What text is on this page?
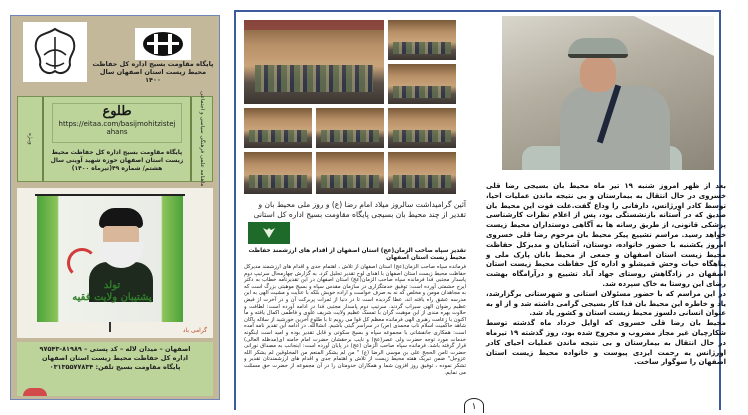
پایگاه مقاومت بسیج اداره کل حفاظت محیط زیست استان اصفهان سال ۱۴۰۰
ویـژه
طلوع
https://eitaa.com/basijmohitzistejahans
پایگاه مقاومت بسیج اداره کل حفاظت محیط زیست استان اصفهان حوزه شهید آوینی سال هشتم/ شماره ۴۹(تیرماه ۱۴۰۰)	ماهنامه علمی فرهنگی سیاسی و اجتماعی
تولد
پشتیبان ولایت فقیه
گرامی باد
اصفهان – میدان لاله – کد پستی – ۸۱۹۸۹-۹۷۵۴۳
اداره کل حفاظت محیط زیست استان اصفهان
پایگاه مقاومت بسیج تلفن: ۰۳۱۳۵۵۷۷۸۳۴
آئین گرامیداشت سالروز میلاد امام رضا (ع) و روز ملی محیط بان و تقدیر از چند محیط بان بسیجی پایگاه مقاومت بسیج اداره کل استانی
تقدیر سپاه صاحب الزمان(عج) استان اصفهان از اقدام های ارزشمند حفاظت محیط زیست استان اصفهان
فرمانده سپاه صاحب الزمان(عج) استان اصفهان از تلاش ، اهتمام جدی و اقدام های ارزشمند مدیرکل حفاظت محیط زیست استان اصفهان با اهدای لوح تقدیر تجلیل کرد. به گزارش چهارمحال سرتیپ دوم پاسدار مجتبی فدا فرمانده سپاه صاحب الزمان(عج) استان اصفهان در این تقدیرنامه خطاب به دکتر ایرج حشمتی آورده است: توفیق خدمتگزاری در سازمان مقدس سپاه و بسیج موهبتی بزرگ است که به مجاهدان مومن و مخلص که نه به صرف خواست و اراده خویش بلکه با عنایت و مشیت الهی به این مدرسه عشق راه یافته اند، عطا گردیده است تا در دنیا از ثمرات پربرکت آن و در آخرت از فیض عظیم رضوان الهی سیراب گردند. سرتیپ دوم پاسدار مجتبی فدا در ادامه آورده است: لطافت و حلاوت بهره مندی از این موهبت گران با تمسک عظیم ولایت شریف علوی و فاطمی اکمال یافته و ما اکنون با زعامت رهبری الهی فرمانده معظم کل قوا می رویم تا با طلوع آخرین خورشید از سلاله پاکان شاهد حاکمیت اسلام ناب محمدی (ص) در سراسر گیتی باشیم. انشاالله. در ادامه این تقدیر نامه آمده است: همکاری جانفشانی با مجموعه سپاه و بسیج سکوتی و قابل تقدیر بوده و امید است اینگونه خدمات مورد توجه حضرت ولی عصر(عج) و نایب برحقشان حضرت امام خامنه ای(مدظله العالی) قرار گرفته باشد. فرمانده سپاه صاحب الزمان (عج) در پایان آورده است: اینجانب به مصداق نورانی حضرت ثامن الحجج علی بن موسی الرضا (ع) " من لم یشکر المنعم من المخلوقین لم یشکر الله عزوجل" ضمن تبریک هفته محیط زیست از تلاش و اهتمام جدی و اقدام های ارزشمندتان تقدیر و تشکر نموده ، توفیق روز افزون شما و همکاران خدومتان را در آن مجموعه از حضرت حق مسئلت می نمایم.
۱

بعد از ظهر امروز شنبه ۱۹ تیر ماه محیط بان بسیجی رضا قلی خسروی در حال انتقال به بیمارستان و بی نتیجه ماندن عملیات احیا، توسط کادر اورژانس، دارفانی را وداع گفت.علت فوت این محیط بان صدیق که در آستانه بازنشستگی بود، پس از اعلام نظرات کارشناسی پزشکی قانونی، از طریق رسانه ها به آگاهی دوستداران محیط زیست خواهد رسید. مراسم تشییع پیکر محیط بان مرحوم رضا قلی خسروی امروز یکشنبه با حضور خانواده، دوستان، آشنایان و مدیرکل حفاظت محیط زیست استان اصفهان و جمعی از محیط بانان پارک ملی و پناهگاه حیات وحش قمیشلو و اداره کل حفاظت محیط زیست استان اصفهان در زادگاهش روستای جهاد آباد تشییع و درآرامگاه بهشت رضای این روستا به خاک سپرده شد.

در این مراسم که با حضور مسئولان استانی و شهرستانی برگزارشد، یاد و خاطره این محیط بان فدا کار بسیجی گرامی داشته شد و از او به عنوان انسانی دلسوز محیط زیست استان و کشور یاد شد.

محیط بان رضا قلی خسروی که اوایل خرداد ماه گذشته توسط شکارچیان غیر مجاز مضروب و مجروح شده بود، روز گذشته ۱۹ تیرماه در حال انتقال به بیمارستان و بی نتیجه ماندن عملیات احیای کادر اورژانس به رحمت ایزدی پیوست و خانواده محیط زیست استان اصفهان را سوگوار ساخت.
